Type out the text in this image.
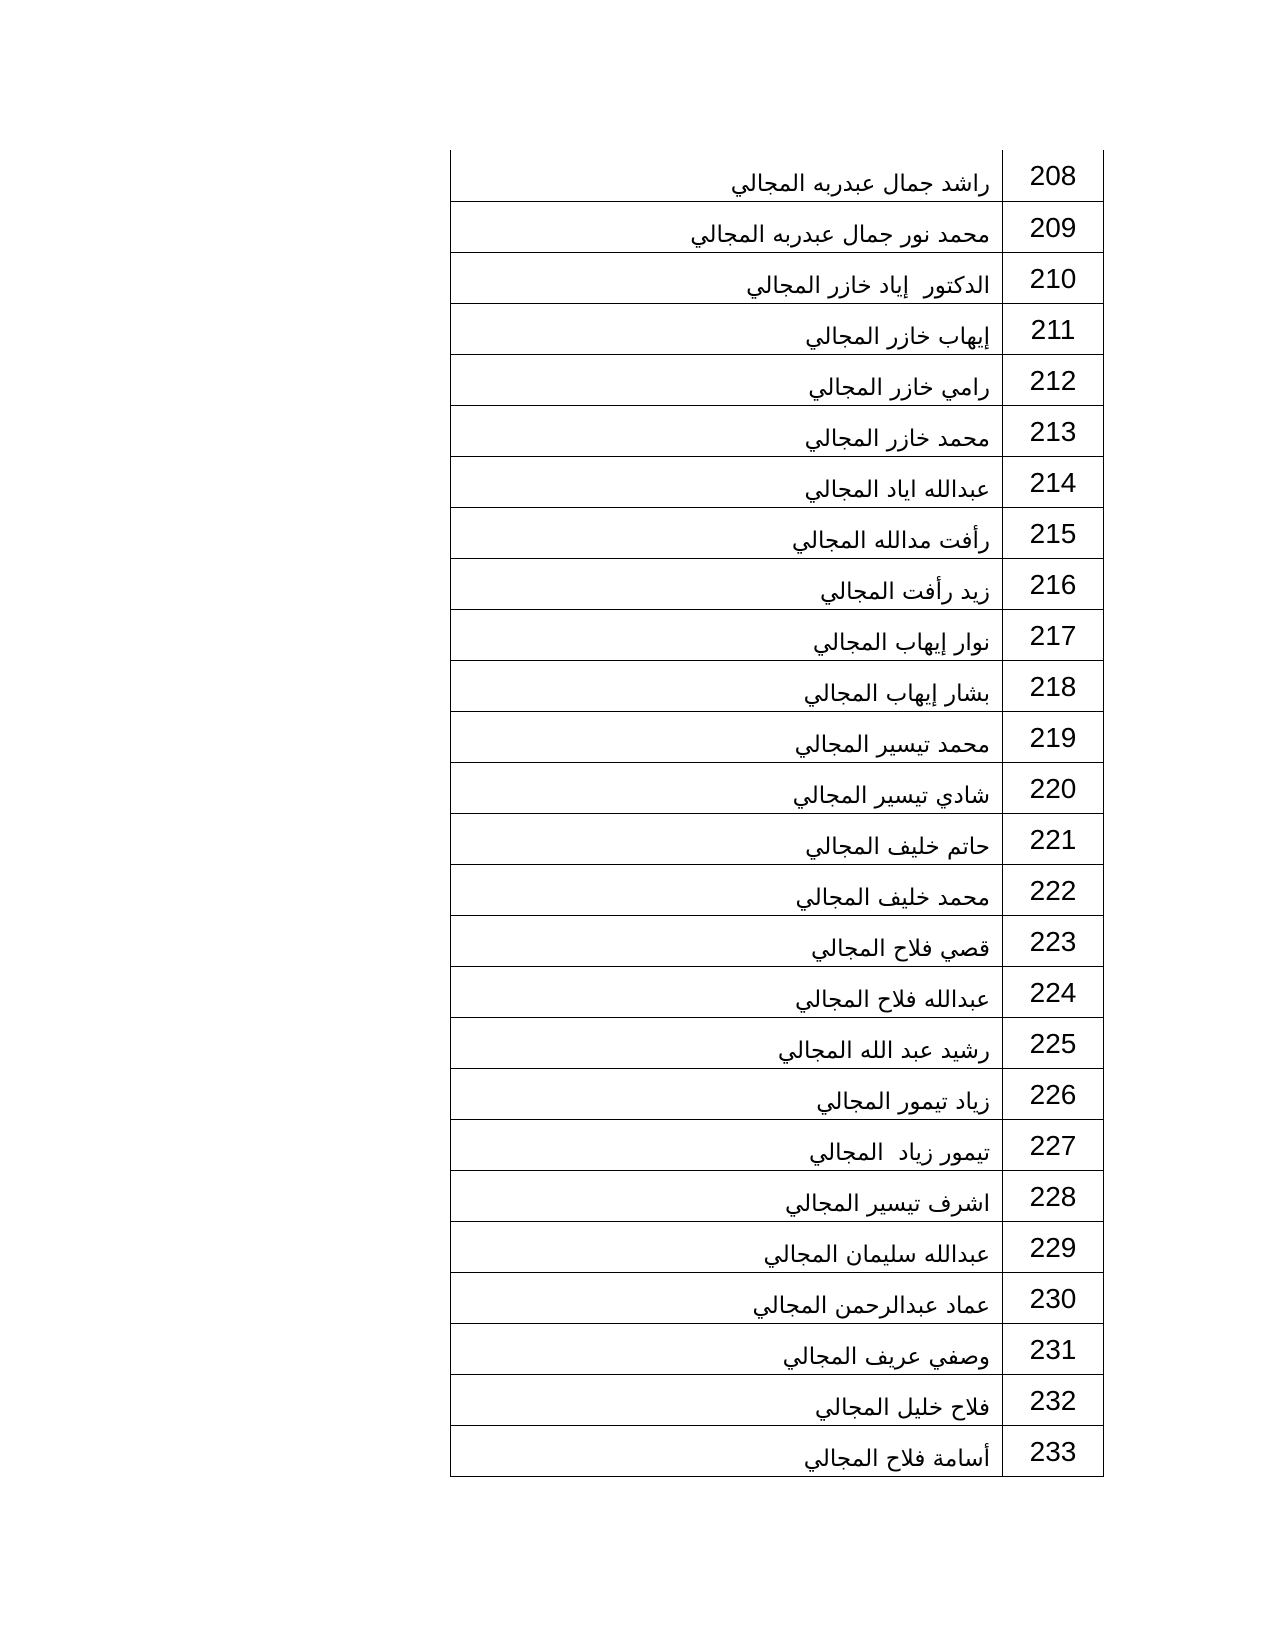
راشد جمال عبدربه المجالي	208
محمد نور جمال عبدربه المجالي	209
الدكتور  إياد خازر المجالي	210
إيهاب خازر المجالي	211
رامي خازر المجالي	212
محمد خازر المجالي	213
عبدالله اياد المجالي	214
رأفت مدالله المجالي	215
زيد رأفت المجالي	216
نوار إيهاب المجالي	217
بشار إيهاب المجالي	218
محمد تيسير المجالي	219
شادي تيسير المجالي	220
حاتم خليف المجالي	221
محمد خليف المجالي	222
قصي فلاح المجالي	223
عبدالله فلاح المجالي	224
رشيد عبد الله المجالي	225
زياد تيمور المجالي	226
تيمور زياد  المجالي	227
اشرف تيسير المجالي	228
عبدالله سليمان المجالي	229
عماد عبدالرحمن المجالي	230
وصفي عريف المجالي	231
فلاح خليل المجالي	232
أسامة فلاح المجالي	233
